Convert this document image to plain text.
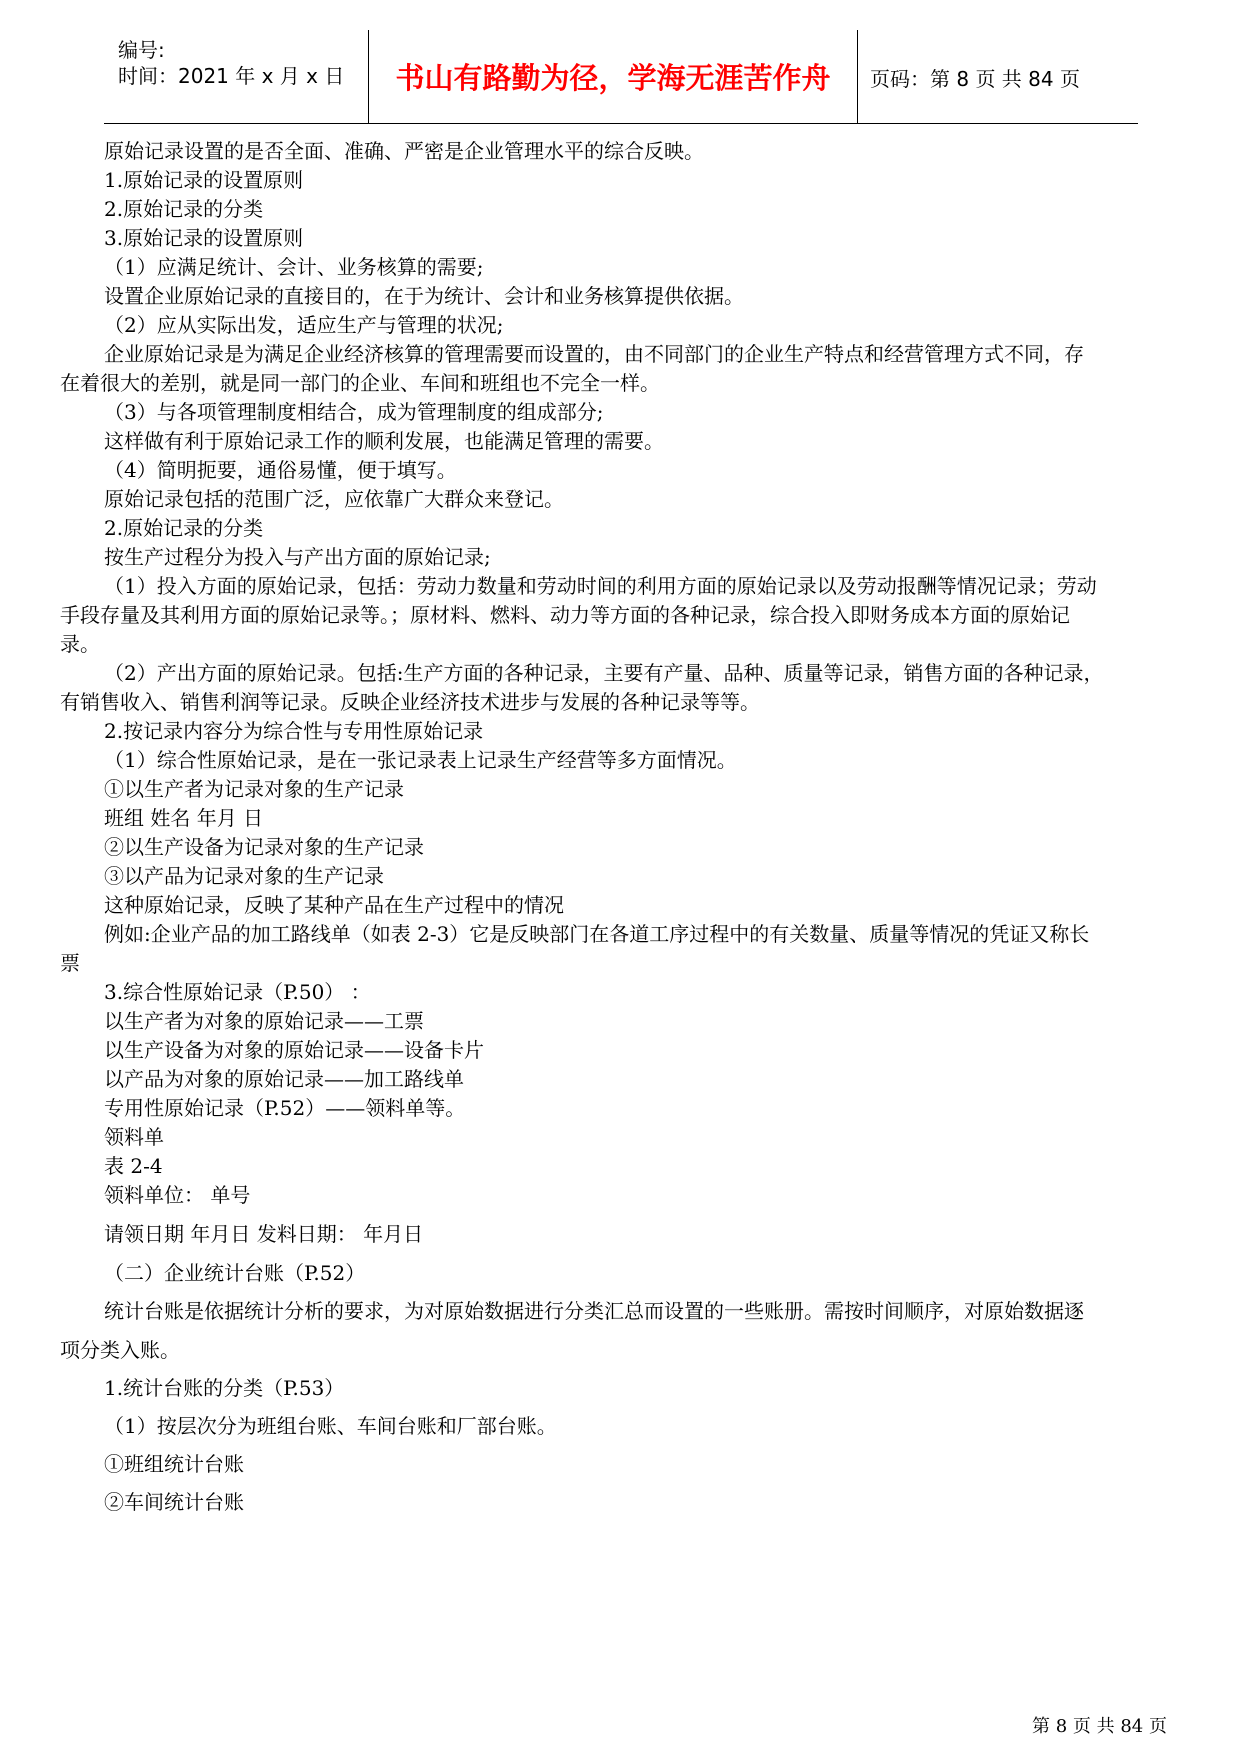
编号:
时间：2021 年 x 月 x 日	书山有路勤为径，学海无涯苦作舟	页码：第 8 页 共 84 页
原始记录设置的是否全面、准确、严密是企业管理水平的综合反映。
1.原始记录的设置原则
2.原始记录的分类
3.原始记录的设置原则
（1）应满足统计、会计、业务核算的需要;
设置企业原始记录的直接目的，在于为统计、会计和业务核算提供依据。
（2）应从实际出发，适应生产与管理的状况;
企业原始记录是为满足企业经济核算的管理需要而设置的，由不同部门的企业生产特点和经营管理方式不同，存
在着很大的差别，就是同一部门的企业、车间和班组也不完全一样。
（3）与各项管理制度相结合，成为管理制度的组成部分;
这样做有利于原始记录工作的顺利发展，也能满足管理的需要。
（4）简明扼要，通俗易懂，便于填写。
原始记录包括的范围广泛，应依靠广大群众来登记。
2.原始记录的分类
按生产过程分为投入与产出方面的原始记录;
（1）投入方面的原始记录，包括：劳动力数量和劳动时间的利用方面的原始记录以及劳动报酬等情况记录；劳动
手段存量及其利用方面的原始记录等。；原材料、燃料、动力等方面的各种记录，综合投入即财务成本方面的原始记
录。
（2）产出方面的原始记录。包括:生产方面的各种记录，主要有产量、品种、质量等记录，销售方面的各种记录，
有销售收入、销售利润等记录。反映企业经济技术进步与发展的各种记录等等。
2.按记录内容分为综合性与专用性原始记录
（1）综合性原始记录，是在一张记录表上记录生产经营等多方面情况。
①以生产者为记录对象的生产记录
班组 姓名 年月 日
②以生产设备为记录对象的生产记录
③以产品为记录对象的生产记录
这种原始记录，反映了某种产品在生产过程中的情况
例如:企业产品的加工路线单（如表 2-3）它是反映部门在各道工序过程中的有关数量、质量等情况的凭证又称长
票
3.综合性原始记录（P.50） ：
以生产者为对象的原始记录——工票
以生产设备为对象的原始记录——设备卡片
以产品为对象的原始记录——加工路线单
专用性原始记录（P.52）——领料单等。
领料单
表 2-4
领料单位： 单号
请领日期 年月日 发料日期： 年月日
（二）企业统计台账（P.52）
统计台账是依据统计分析的要求，为对原始数据进行分类汇总而设置的一些账册。需按时间顺序，对原始数据逐
项分类入账。
1.统计台账的分类（P.53）
（1）按层次分为班组台账、车间台账和厂部台账。
①班组统计台账
②车间统计台账
第 8 页 共 84 页
